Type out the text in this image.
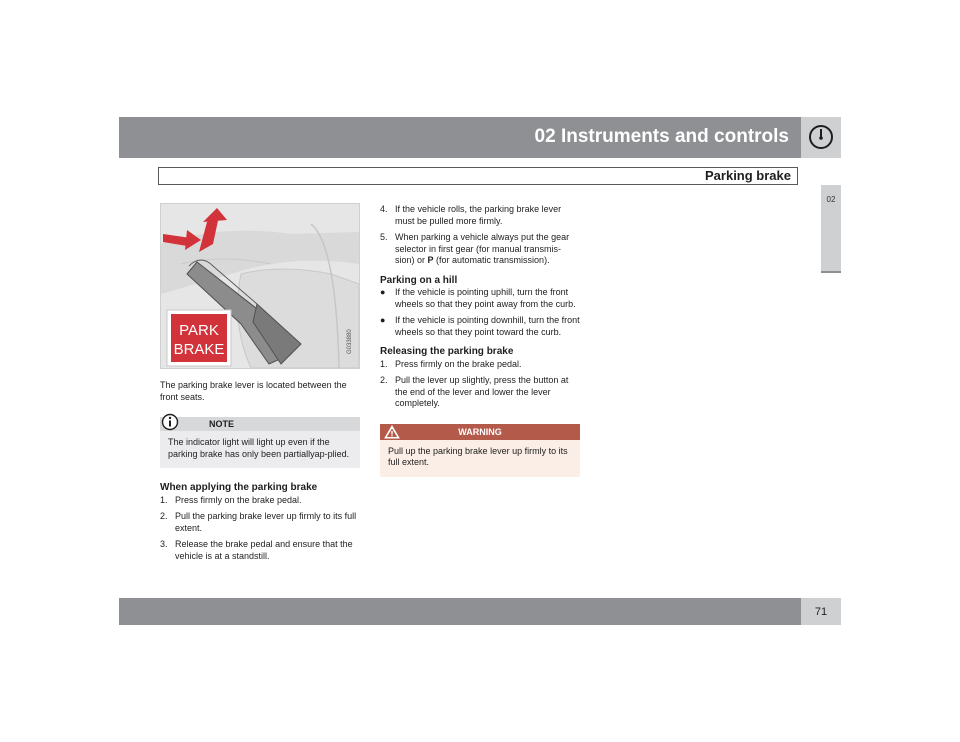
02 Instruments and controls
Parking brake
02
PARK
BRAKE	G033880

The parking brake lever is located between the front seats.

NOTE
The indicator light will light up even if the parking brake has only been partiallyap-plied.
When applying the parking brake
1. Press firmly on the brake pedal.
2. Pull the parking brake lever up firmly to its full extent.
3. Release the brake pedal and ensure that the vehicle is at a standstill.
4. If the vehicle rolls, the parking brake lever must be pulled more firmly.
5. When parking a vehicle always put the gear selector in first gear (for manual transmis-sion) or P (for automatic transmission).
Parking on a hill
● If the vehicle is pointing uphill, turn the front wheels so that they point away from the curb.
● If the vehicle is pointing downhill, turn the front wheels so that they point toward the curb.
Releasing the parking brake
1. Press firmly on the brake pedal.
2. Pull the lever up slightly, press the button at the end of the lever and lower the lever completely.
WARNING
Pull up the parking brake lever up firmly to its full extent.
71
